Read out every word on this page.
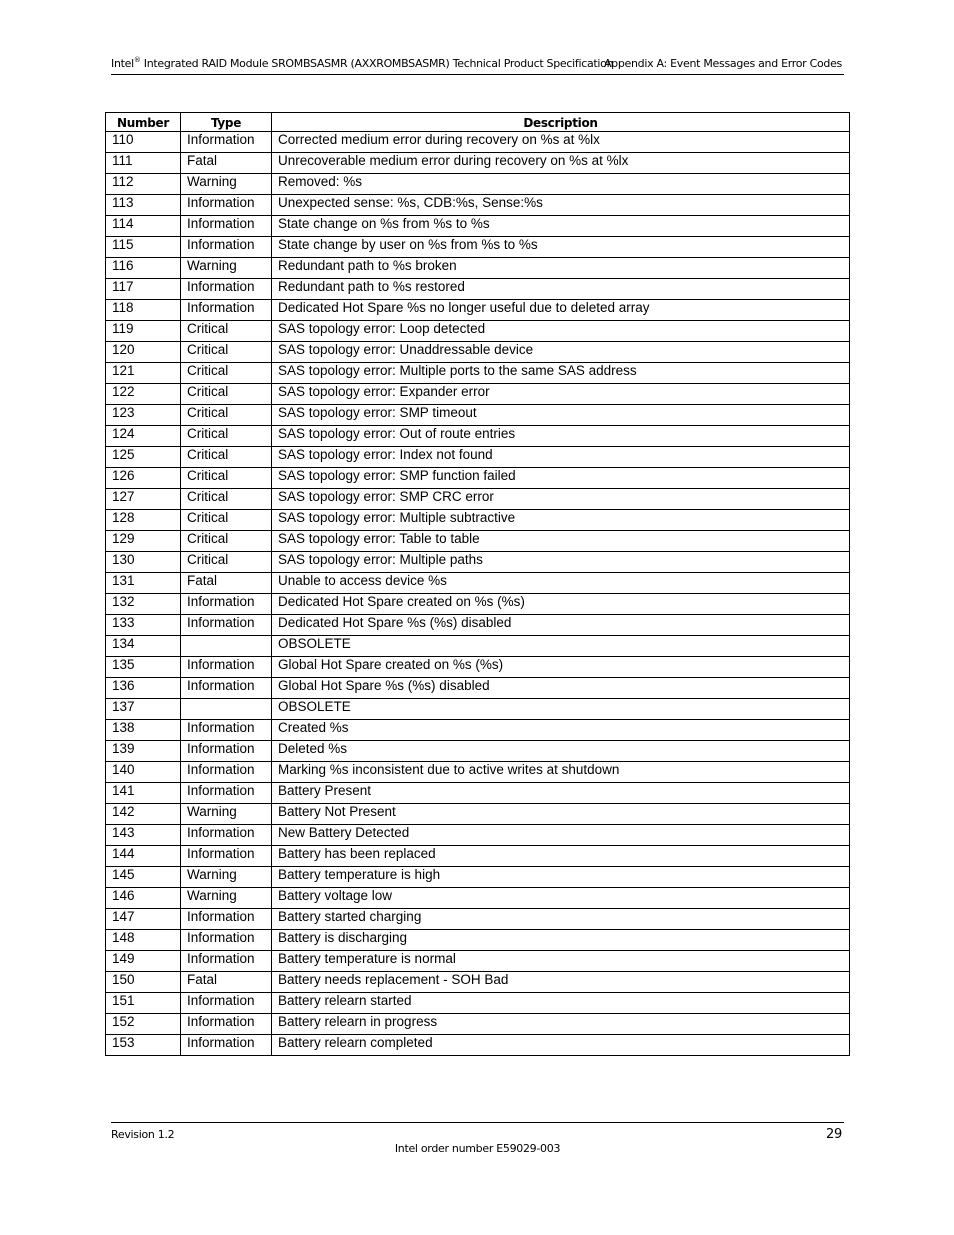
Intel® Integrated RAID Module SROMBSASMR (AXXROMBSASMR) Technical Product Specification
Appendix A: Event Messages and Error Codes
Number	Type	Description
110	Information	Corrected medium error during recovery on %s at %lx
111	Fatal	Unrecoverable medium error during recovery on %s at %lx
112	Warning	Removed: %s
113	Information	Unexpected sense: %s, CDB:%s, Sense:%s
114	Information	State change on %s from %s to %s
115	Information	State change by user on %s from %s to %s
116	Warning	Redundant path to %s broken
117	Information	Redundant path to %s restored
118	Information	Dedicated Hot Spare %s no longer useful due to deleted array
119	Critical	SAS topology error: Loop detected
120	Critical	SAS topology error: Unaddressable device
121	Critical	SAS topology error: Multiple ports to the same SAS address
122	Critical	SAS topology error: Expander error
123	Critical	SAS topology error: SMP timeout
124	Critical	SAS topology error: Out of route entries
125	Critical	SAS topology error: Index not found
126	Critical	SAS topology error: SMP function failed
127	Critical	SAS topology error: SMP CRC error
128	Critical	SAS topology error: Multiple subtractive
129	Critical	SAS topology error: Table to table
130	Critical	SAS topology error: Multiple paths
131	Fatal	Unable to access device %s
132	Information	Dedicated Hot Spare created on %s (%s)
133	Information	Dedicated Hot Spare %s (%s) disabled
134		OBSOLETE
135	Information	Global Hot Spare created on %s (%s)
136	Information	Global Hot Spare %s (%s) disabled
137		OBSOLETE
138	Information	Created %s
139	Information	Deleted %s
140	Information	Marking %s inconsistent due to active writes at shutdown
141	Information	Battery Present
142	Warning	Battery Not Present
143	Information	New Battery Detected
144	Information	Battery has been replaced
145	Warning	Battery temperature is high
146	Warning	Battery voltage low
147	Information	Battery started charging
148	Information	Battery is discharging
149	Information	Battery temperature is normal
150	Fatal	Battery needs replacement - SOH Bad
151	Information	Battery relearn started
152	Information	Battery relearn in progress
153	Information	Battery relearn completed
Revision 1.2	29
Intel order number E59029-003
